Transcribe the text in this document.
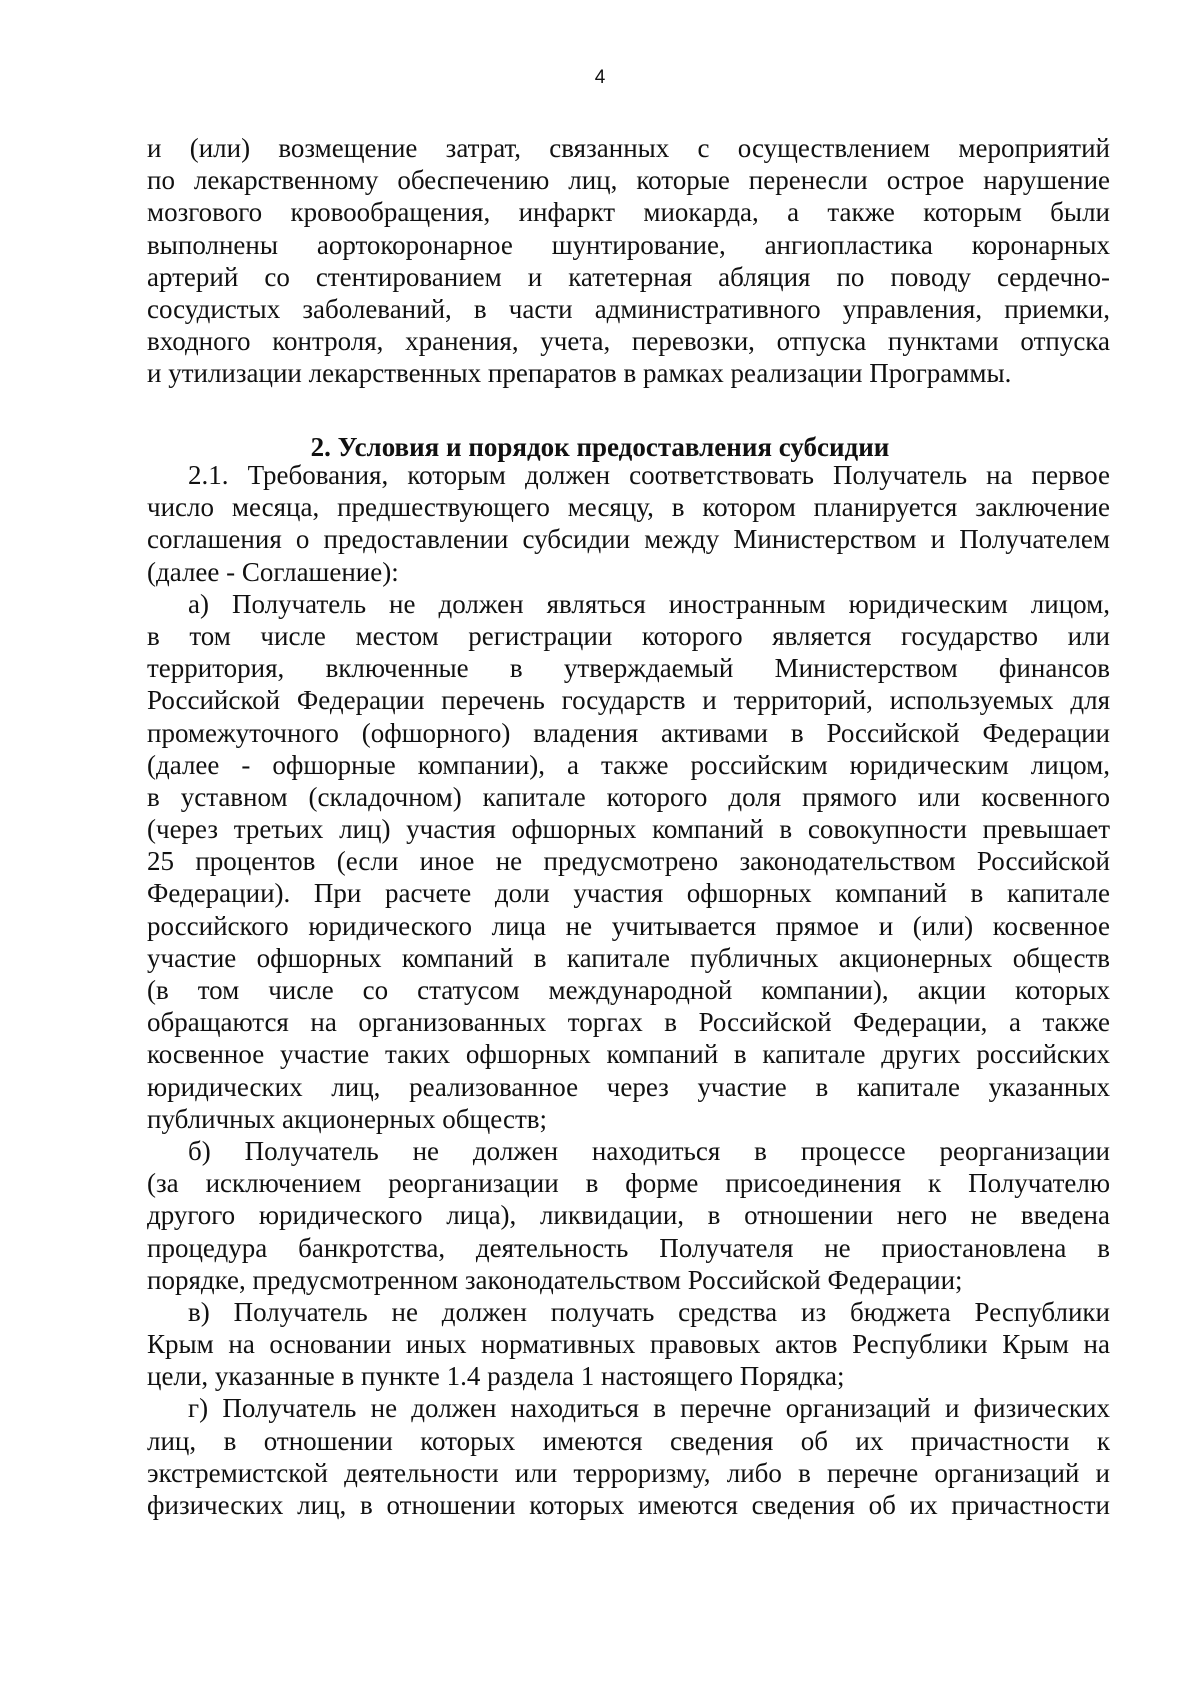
4
и (или) возмещение затрат, связанных с осуществлением мероприятий
по лекарственному обеспечению лиц, которые перенесли острое нарушение
мозгового кровообращения, инфаркт миокарда, а также которым были
выполнены аортокоронарное шунтирование, ангиопластика коронарных
артерий со стентированием и катетерная абляция по поводу сердечно-
сосудистых заболеваний, в части административного управления, приемки,
входного контроля, хранения, учета, перевозки, отпуска пунктами отпуска
и утилизации лекарственных препаратов в рамках реализации Программы.
2. Условия и порядок предоставления субсидии
2.1. Требования, которым должен соответствовать Получатель на первое
число месяца, предшествующего месяцу, в котором планируется заключение
соглашения о предоставлении субсидии между Министерством и Получателем
(далее - Соглашение):
а) Получатель не должен являться иностранным юридическим лицом,
в том числе местом регистрации которого является государство или
территория, включенные в утверждаемый Министерством финансов
Российской Федерации перечень государств и территорий, используемых для
промежуточного (офшорного) владения активами в Российской Федерации
(далее - офшорные компании), а также российским юридическим лицом,
в уставном (складочном) капитале которого доля прямого или косвенного
(через третьих лиц) участия офшорных компаний в совокупности превышает
25 процентов (если иное не предусмотрено законодательством Российской
Федерации). При расчете доли участия офшорных компаний в капитале
российского юридического лица не учитывается прямое и (или) косвенное
участие офшорных компаний в капитале публичных акционерных обществ
(в том числе со статусом международной компании), акции которых
обращаются на организованных торгах в Российской Федерации, а также
косвенное участие таких офшорных компаний в капитале других российских
юридических лиц, реализованное через участие в капитале указанных
публичных акционерных обществ;
б) Получатель не должен находиться в процессе реорганизации
(за исключением реорганизации в форме присоединения к Получателю
другого юридического лица), ликвидации, в отношении него не введена
процедура банкротства, деятельность Получателя не приостановлена в
порядке, предусмотренном законодательством Российской Федерации;
в) Получатель не должен получать средства из бюджета Республики
Крым на основании иных нормативных правовых актов Республики Крым на
цели, указанные в пункте 1.4 раздела 1 настоящего Порядка;
г) Получатель не должен находиться в перечне организаций и физических
лиц, в отношении которых имеются сведения об их причастности к
экстремистской деятельности или терроризму, либо в перечне организаций и
физических лиц, в отношении которых имеются сведения об их причастности
